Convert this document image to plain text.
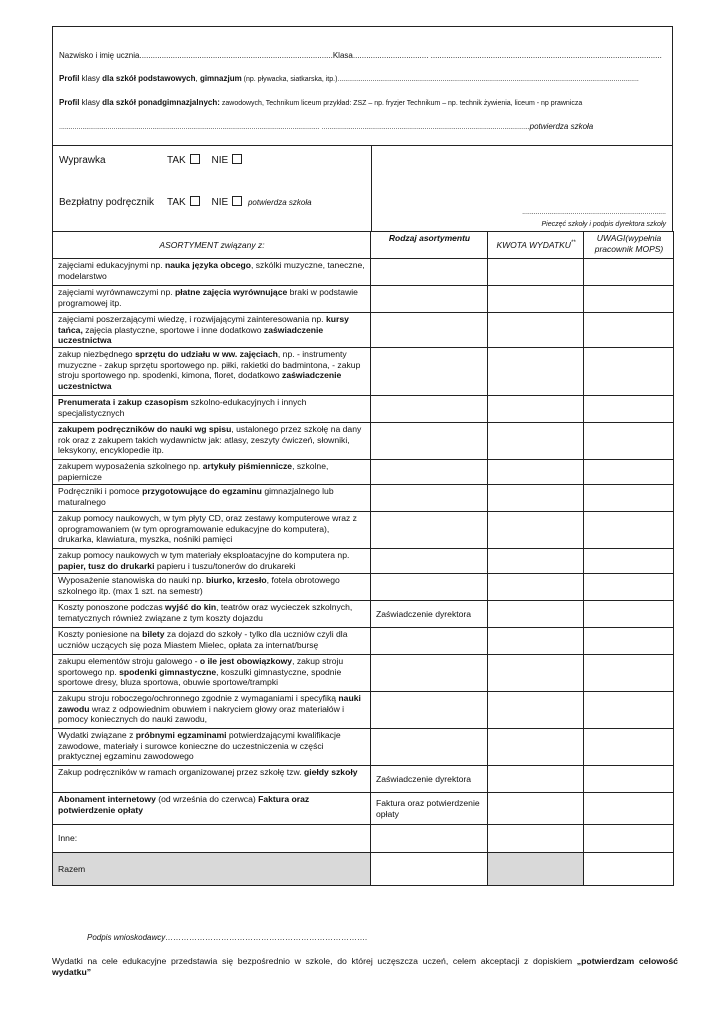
Nazwisko i imię ucznia.......................................................................................Klasa.................................. ........................................................................................................
Profil klasy dla szkół podstawowych, gimnazjum (np. pływacka, siatkarska, itp.)...........................................................................................................................................................
Profil klasy dla szkół ponadgimnazjalnych: zawodowych, Technikum liceum przykład: ZSZ – np. fryzjer Technikum – np. technik żywienia, liceum - np prawnicza
...................................................................................................................................... ...........................................................................................................potwierdza szkoła
Wyprawka	TAK	NIE
Bezpłatny podręcznik TAK	NIE potwierdza szkoła
..........................................................................
Pieczęć szkoły i podpis dyrektora szkoły
ASORTYMENT związany z:	Rodzaj asortymentu	KWOTA WYDATKU**	UWAGI(wypełnia pracownik MOPS)
zajęciami edukacyjnymi np. nauka języka obcego, szkólki muzyczne, taneczne, modelarstwo			
zajęciami wyrównawczymi np. płatne zajęcia wyrównujące braki w podstawie programowej itp.			
zajęciami poszerzającymi wiedzę, i rozwijającymi zainteresowania np. kursy tańca, zajęcia plastyczne, sportowe i inne dodatkowo zaświadczenie uczestnictwa			
zakup niezbędnego sprzętu do udziału w ww. zajęciach, np. - instrumenty muzyczne - zakup sprzętu sportowego np. piłki, rakietki do badmintona, - zakup stroju sportowego np. spodenki, kimona, floret, dodatkowo zaświadczenie uczestnictwa			
Prenumerata i zakup czasopism szkolno-edukacyjnych i innych specjalistycznych			
zakupem podręczników do nauki wg spisu, ustalonego przez szkołę na dany rok oraz z zakupem takich wydawnictw jak: atlasy, zeszyty ćwiczeń, słowniki, leksykony, encyklopedie itp.			
zakupem wyposażenia szkolnego np. artykuły piśmiennicze, szkolne, papiernicze			
Podręczniki i pomoce przygotowujące do egzaminu gimnazjalnego lub maturalnego			
zakup pomocy naukowych, w tym płyty CD, oraz zestawy komputerowe wraz z oprogramowaniem (w tym oprogramowanie edukacyjne do komputera), drukarka, klawiatura, myszka, nośniki pamięci			
zakup pomocy naukowych w tym materiały eksploatacyjne do komputera np. papier, tusz do drukarki papieru i tuszu/tonerów do drukareki			
Wyposażenie stanowiska do nauki np. biurko, krzesło, fotela obrotowego szkolnego itp. (max 1 szt. na semestr)			
Koszty ponoszone podczas wyjść do kin, teatrów oraz wycieczek szkolnych, tematycznych również związane z tym koszty dojazdu	Zaświadczenie dyrektora		
Koszty poniesione na bilety za dojazd do szkoły - tylko dla uczniów czyli dla uczniów uczących się poza Miastem Mielec, opłata za internat/bursę			
zakupu elementów stroju galowego - o ile jest obowiązkowy, zakup stroju sportowego np. spodenki gimnastyczne, koszulki gimnastyczne, spodnie sportowe dresy, bluza sportowa, obuwie sportowe/trampki			
zakupu stroju roboczego/ochronnego zgodnie z wymaganiami i specyfiką nauki zawodu wraz z odpowiednim obuwiem i nakryciem głowy oraz materiałów i pomocy koniecznych do nauki zawodu,			
Wydatki związane z próbnymi egzaminami potwierdzającymi kwalifikacje zawodowe, materiały i surowce konieczne do uczestniczenia w części praktycznej egzaminu zawodowego			
Zakup podręczników w ramach organizowanej przez szkołę tzw. giełdy szkoły	Zaświadczenie dyrektora		
Abonament internetowy (od września do czerwca) Faktura oraz potwierdzenie opłaty	Faktura oraz potwierdzenie opłaty		
Inne:			
Razem			
Podpis wnioskodawcy………………………………………………………………….
Wydatki na cele edukacyjne przedstawia się bezpośrednio w szkole, do której uczęszcza uczeń, celem akceptacji z dopiskiem „potwierdzam celowość wydatku”
